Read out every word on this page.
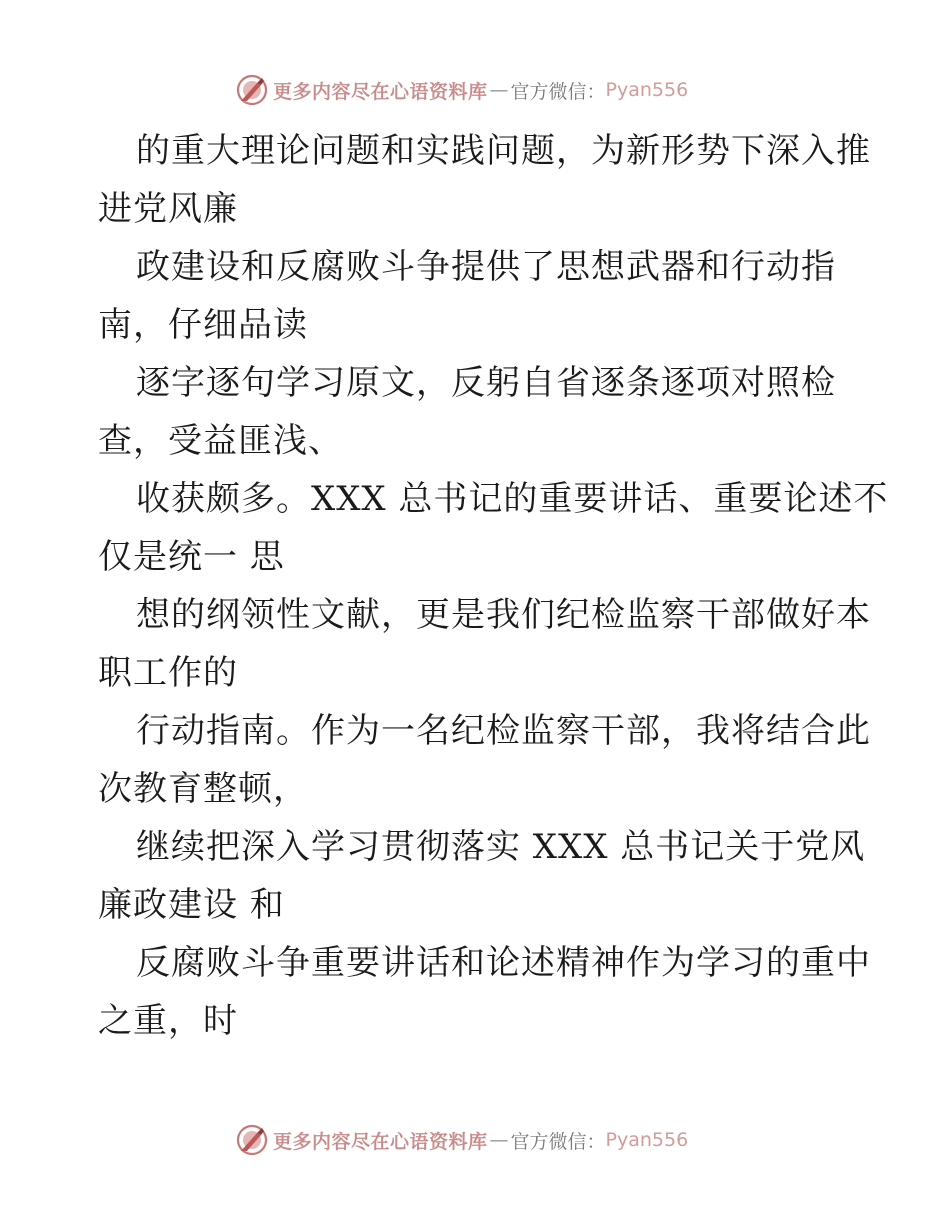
更多内容尽在心语资料库 — 官方微信： Pyan556
的重大理论问题和实践问题，为新形势下深入推
进党风廉
政建设和反腐败斗争提供了思想武器和行动指
南，仔细品读
逐字逐句学习原文，反躬自省逐条逐项对照检
查，受益匪浅、
收获颇多。XXX 总书记的重要讲话、重要论述不
仅是统一 思
想的纲领性文献，更是我们纪检监察干部做好本
职工作的
行动指南。作为一名纪检监察干部，我将结合此
次教育整顿，
继续把深入学习贯彻落实 XXX 总书记关于党风
廉政建设 和
反腐败斗争重要讲话和论述精神作为学习的重中
之重，时
更多内容尽在心语资料库 — 官方微信： Pyan556
